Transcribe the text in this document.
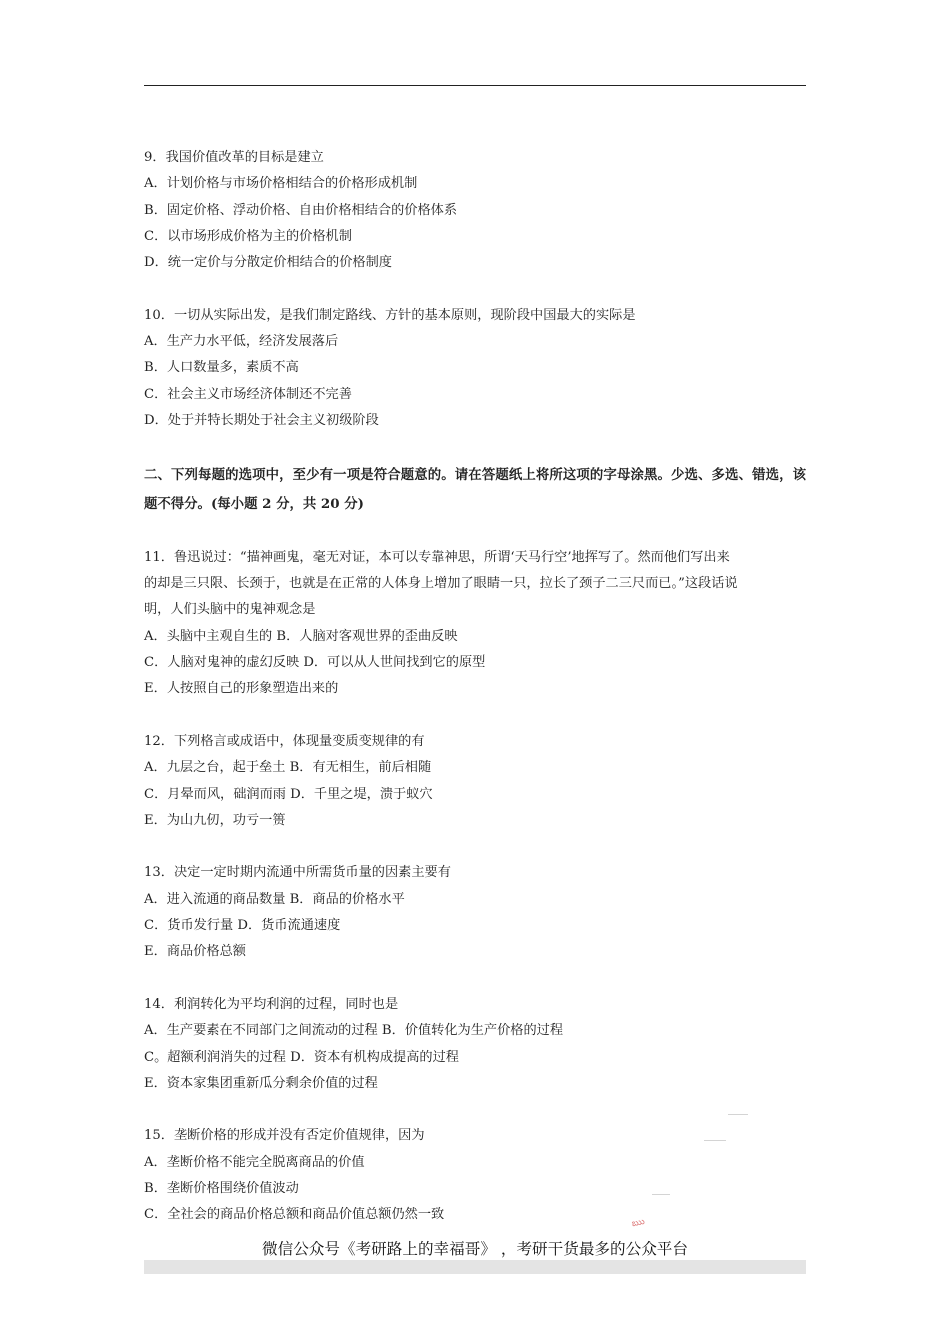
9．我国价值改革的目标是建立
A．计划价格与市场价格相结合的价格形成机制
B．固定价格、浮动价格、自由价格相结合的价格体系
C．以市场形成价格为主的价格机制
D．统一定价与分散定价相结合的价格制度
10．一切从实际出发，是我们制定路线、方针的基本原则，现阶段中国最大的实际是
A．生产力水平低，经济发展落后
B．人口数量多，素质不高
C．社会主义市场经济体制还不完善
D．处于并特长期处于社会主义初级阶段
二、下列每题的选项中，至少有一项是符合题意的。请在答题纸上将所这项的字母涂黑。少选、多选、错选，该题不得分。(每小题 2 分，共 20 分)
11．鲁迅说过：“描神画鬼，毫无对证，本可以专靠神思，所谓‘天马行空’地挥写了。然而他们写出来
的却是三只限、长颈于，也就是在正常的人体身上增加了眼睛一只，拉长了颈子二三尺而已。”这段话说
明，人们头脑中的鬼神观念是
A．头脑中主观自生的 B．人脑对客观世界的歪曲反映
C．人脑对鬼神的虚幻反映 D．可以从人世间找到它的原型
E．人按照自己的形象塑造出来的
12．下列格言或成语中，体现量变质变规律的有
A．九层之台，起于垒土 B．有无相生，前后相随
C．月晕而风，础润而雨 D．千里之堤，溃于蚁穴
E．为山九仞，功亏一篑
13．决定一定时期内流通中所需货币量的因素主要有
A．进入流通的商品数量 B．商品的价格水平
C．货币发行量 D．货币流通速度
E．商品价格总额
14．利润转化为平均利润的过程，同时也是
A．生产要素在不同部门之间流动的过程 B．价值转化为生产价格的过程
C。超额利润消失的过程 D．资本有机构成提高的过程
E．资本家集团重新瓜分剩余价值的过程
15．垄断价格的形成并没有否定价值规律，因为
A．垄断价格不能完全脱离商品的价值
B．垄断价格围绕价值波动
C．全社会的商品价格总额和商品价值总额仍然一致
ఋ
微信公众号《考研路上的幸福哥》 ，考研干货最多的公众平台
